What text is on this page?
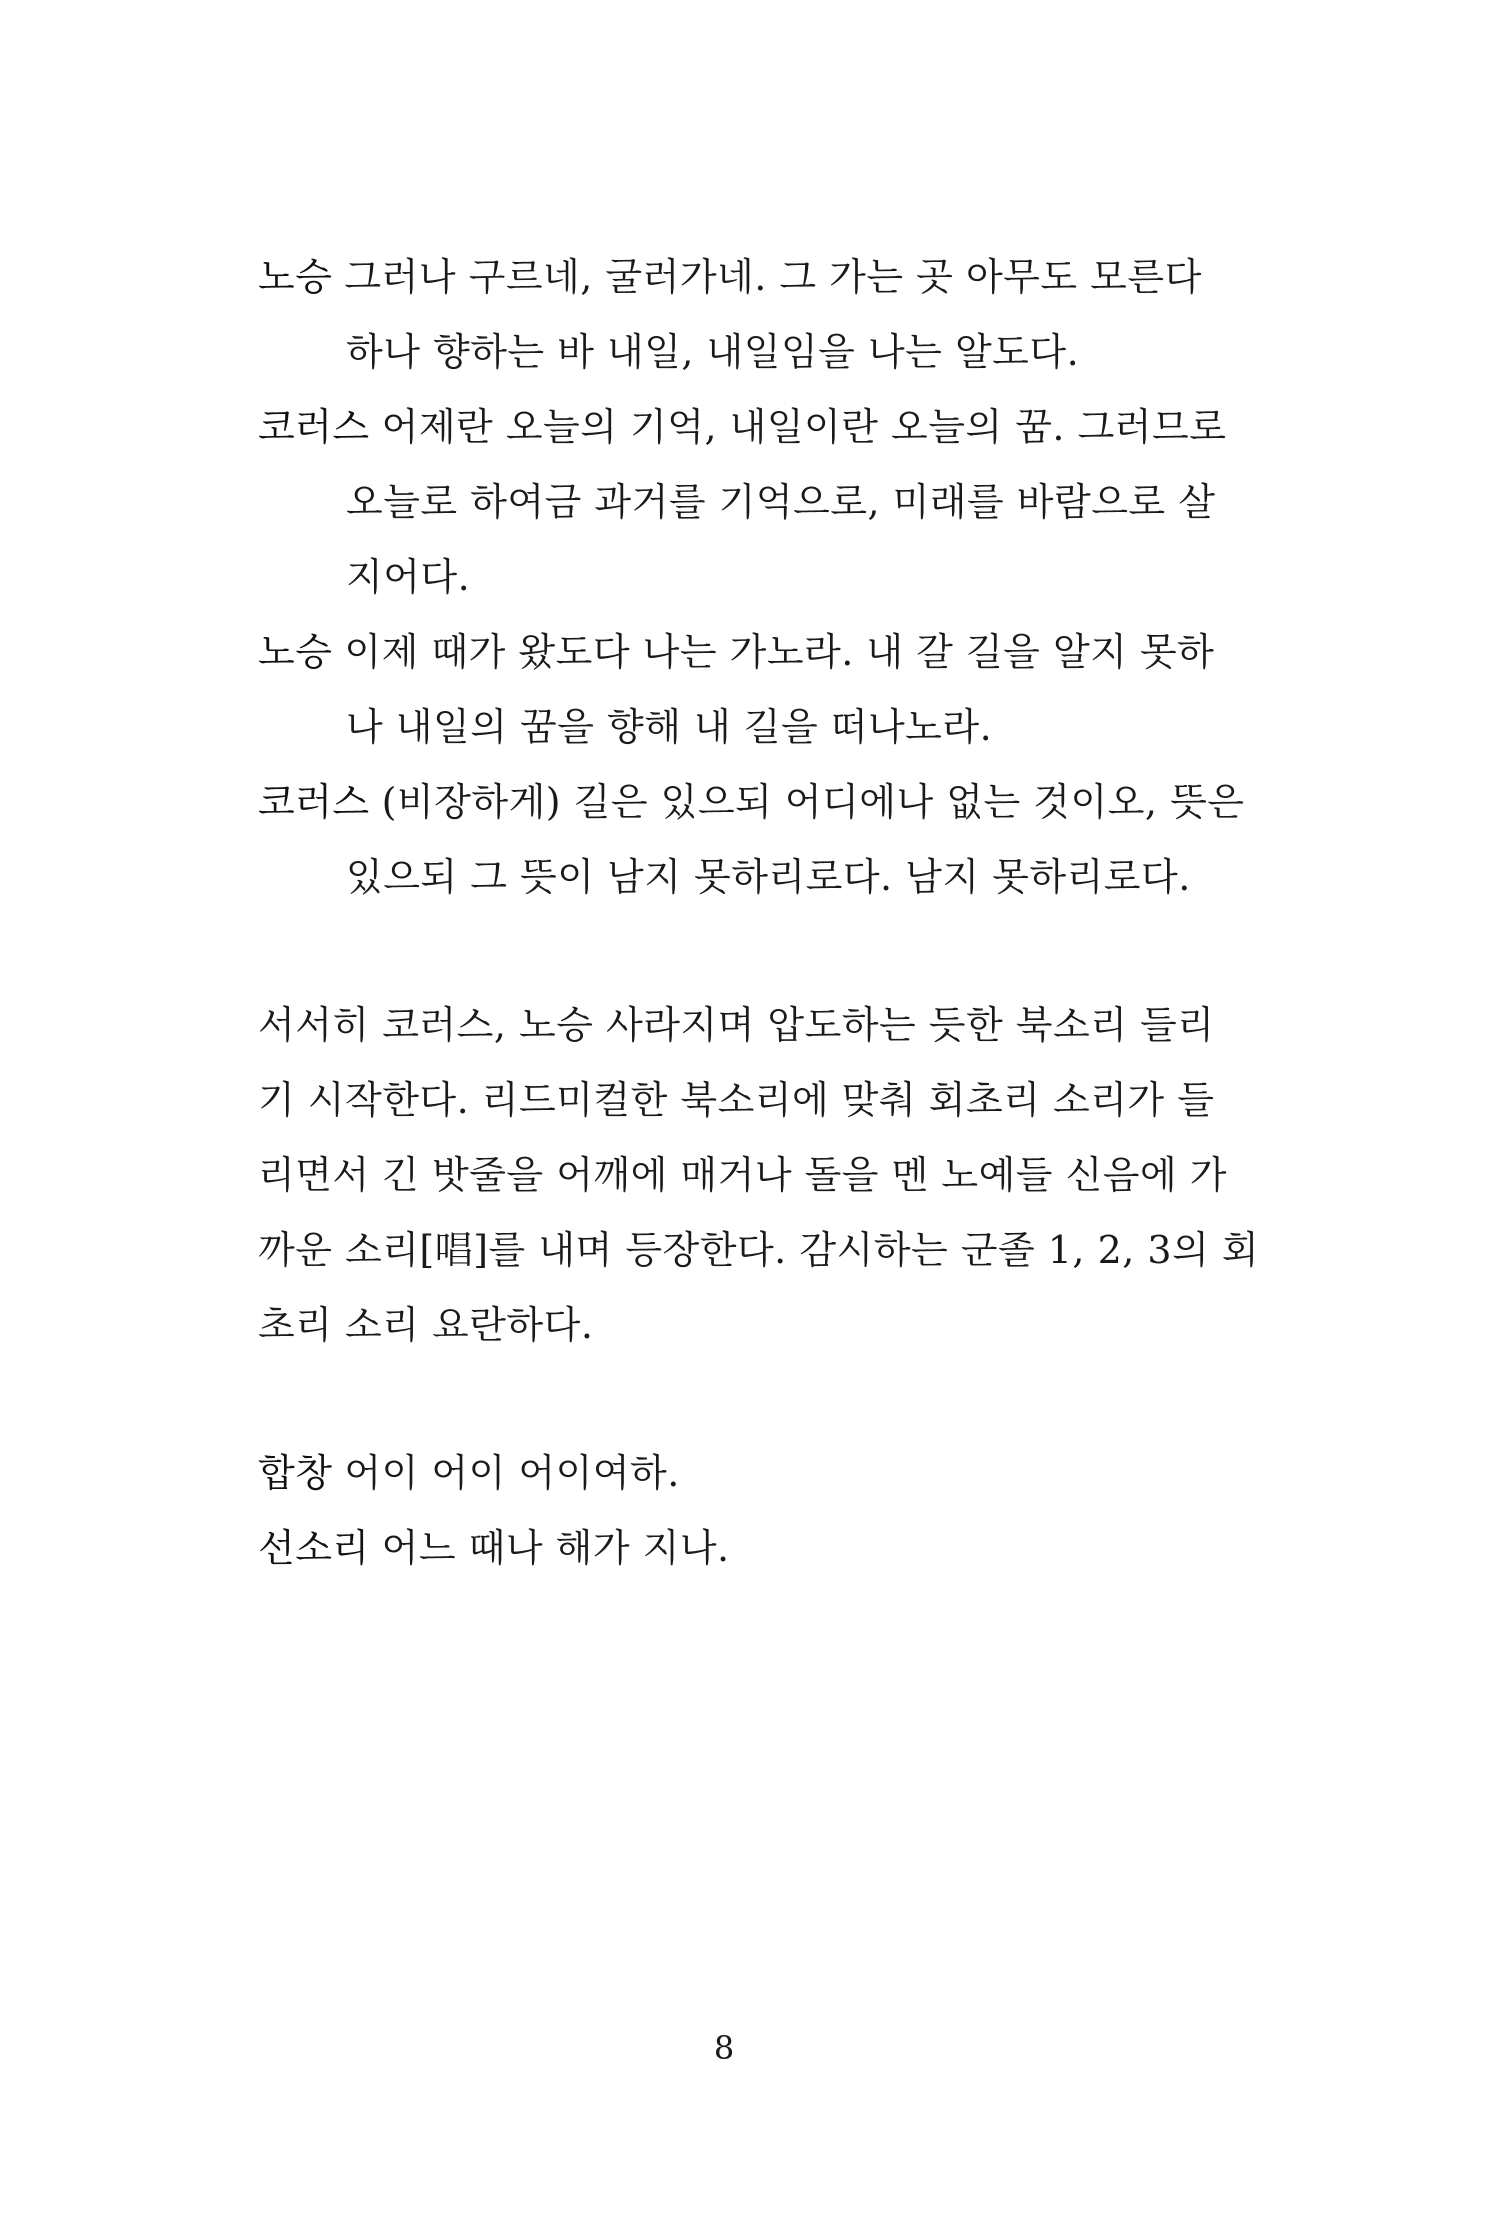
노승 그러나 구르네, 굴러가네. 그 가는 곳 아무도 모른다
하나 향하는 바 내일, 내일임을 나는 알도다.
코러스 어제란 오늘의 기억, 내일이란 오늘의 꿈. 그러므로
오늘로 하여금 과거를 기억으로, 미래를 바람으로 살
지어다.
노승 이제 때가 왔도다 나는 가노라. 내 갈 길을 알지 못하
나 내일의 꿈을 향해 내 길을 떠나노라.
코러스 (비장하게) 길은 있으되 어디에나 없는 것이오, 뜻은
있으되 그 뜻이 남지 못하리로다. 남지 못하리로다.
서서히 코러스, 노승 사라지며 압도하는 듯한 북소리 들리
기 시작한다. 리드미컬한 북소리에 맞춰 회초리 소리가 들
리면서 긴 밧줄을 어깨에 매거나 돌을 멘 노예들 신음에 가
까운 소리[唱]를 내며 등장한다. 감시하는 군졸 1, 2, 3의 회
초리 소리 요란하다.
합창 어이 어이 어이여하.
선소리 어느 때나 해가 지나.
8
